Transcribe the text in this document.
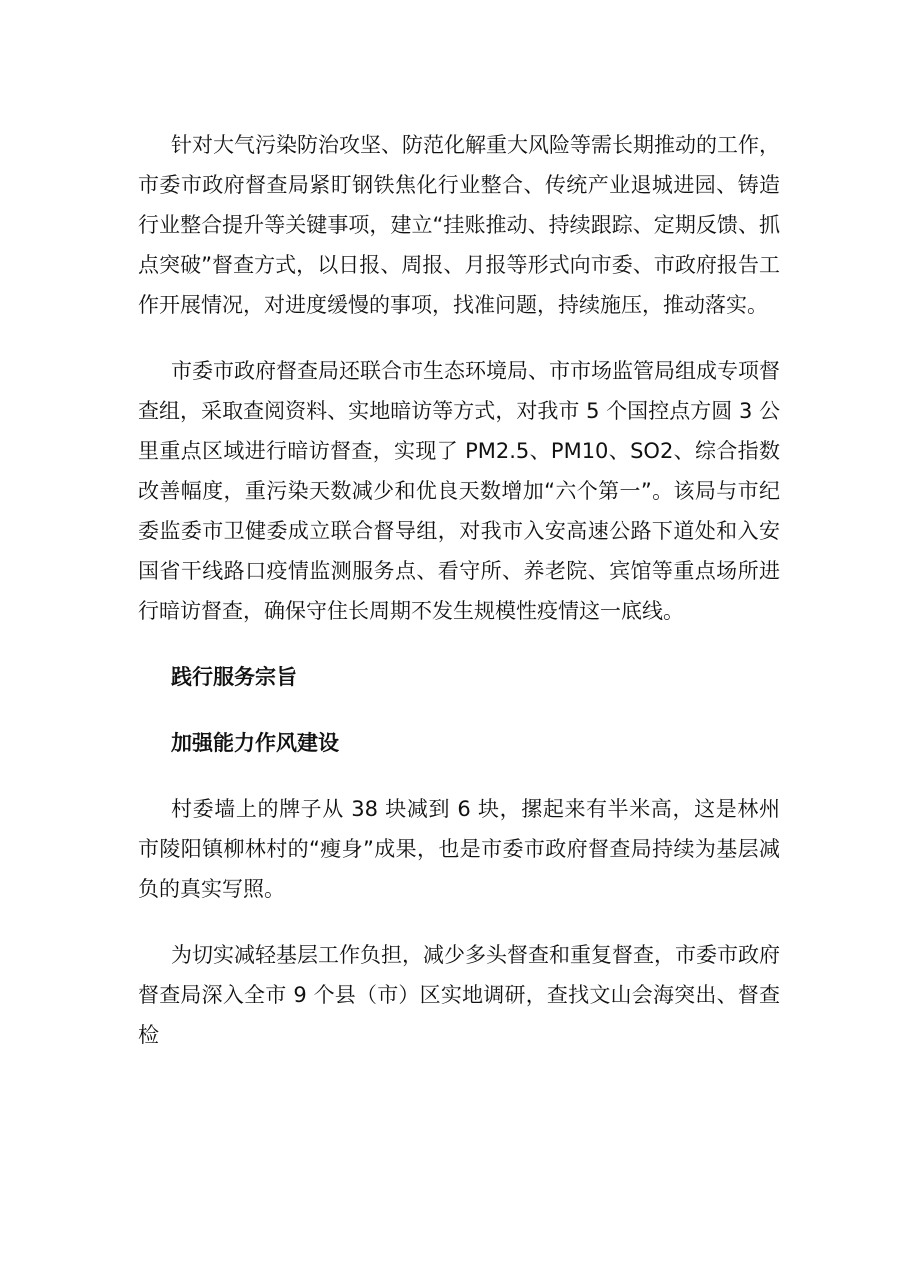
针对大气污染防治攻坚、防范化解重大风险等需长期推动的工作，市委市政府督查局紧盯钢铁焦化行业整合、传统产业退城进园、铸造行业整合提升等关键事项，建立“挂账推动、持续跟踪、定期反馈、抓点突破”督查方式，以日报、周报、月报等形式向市委、市政府报告工作开展情况，对进度缓慢的事项，找准问题，持续施压，推动落实。

市委市政府督查局还联合市生态环境局、市市场监管局组成专项督查组，采取查阅资料、实地暗访等方式，对我市 5 个国控点方圆 3 公里重点区域进行暗访督查，实现了 PM2.5、PM10、SO2、综合指数改善幅度，重污染天数减少和优良天数增加“六个第一”。该局与市纪委监委市卫健委成立联合督导组，对我市入安高速公路下道处和入安国省干线路口疫情监测服务点、看守所、养老院、宾馆等重点场所进行暗访督查，确保守住长周期不发生规模性疫情这一底线。

践行服务宗旨

加强能力作风建设

村委墙上的牌子从 38 块减到 6 块，摞起来有半米高，这是林州市陵阳镇柳林村的“瘦身”成果，也是市委市政府督查局持续为基层减负的真实写照。

为切实减轻基层工作负担，减少多头督查和重复督查，市委市政府督查局深入全市 9 个县（市）区实地调研，查找文山会海突出、督查检
